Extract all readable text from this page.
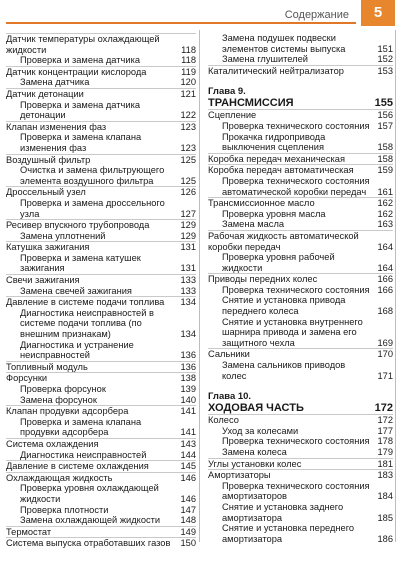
Содержание	5
Датчик температуры охлаждающей жидкости	118
Проверка и замена датчика	118
Датчик концентрации кислорода	119
Замена датчика	120
Датчик детонации	121
Проверка и замена датчика детонации	122
Клапан изменения фаз	123
Проверка и замена клапана изменения фаз	123
Воздушный фильтр	125
Очистка и замена фильтрующего элемента воздушного фильтра	125
Дроссельный узел	126
Проверка и замена дроссельного узла	127
Ресивер впускного трубопровода	129
Замена уплотнений	129
Катушка зажигания	131
Проверка и замена катушек зажигания	131
Свечи зажигания	133
Замена свечей зажигания	133
Давление в системе подачи топлива	134
Диагностика неисправностей в системе подачи топлива (по внешним признакам)	134
Диагностика и устранение неисправностей	136
Топливный модуль	136
Форсунки	138
Проверка форсунок	139
Замена форсунок	140
Клапан продувки адсорбера	141
Проверка и замена клапана продувки адсорбера	141
Система охлаждения	143
Диагностика неисправностей	144
Давление в системе охлаждения	145
Охлаждающая жидкость	146
Проверка уровня охлаждающей жидкости	146
Проверка плотности	147
Замена охлаждающей жидкости	148
Термостат	149
Система выпуска отработавших газов	150
Замена подушек подвески элементов системы выпуска	151
Замена глушителей	152
Каталитический нейтрализатор	153
Глава 9.
ТРАНСМИССИЯ	155
Сцепление	156
Проверка технического состояния 157
Прокачка гидропривода выключения сцепления	158
Коробка передач механическая	158
Коробка передач автоматическая	159
Проверка технического состояния автоматической коробки передач	161
Трансмиссионное масло	162
Проверка уровня масла	162
Замена масла	163
Рабочая жидкость автоматической коробки передач	164
Проверка уровня рабочей жидкости	164
Приводы передних колес	166
Проверка технического состояния 166
Снятие и установка привода переднего колеса	168
Снятие и установка внутреннего шарнира привода и замена его защитного чехла	169
Сальники	170
Замена сальников приводов колес	171
Глава 10.
ХОДОВАЯ ЧАСТЬ	172
Колесо	172
Уход за колесами	177
Проверка технического состояния 178
Замена колеса	179
Углы установки колес	181
Амортизаторы	183
Проверка технического состояния амортизаторов	184
Снятие и установка заднего амортизатора	185
Снятие и установка переднего амортизатора	186
